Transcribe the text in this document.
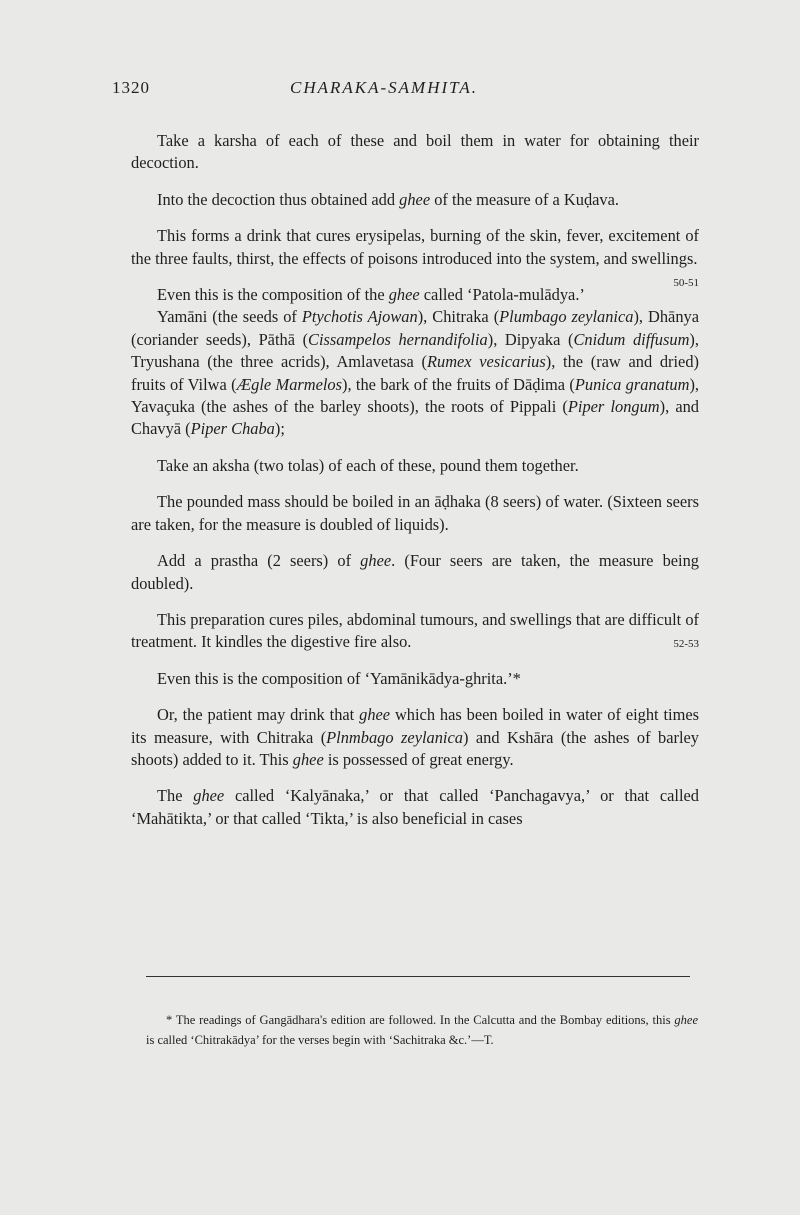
1320	CHARAKA-SAMHITA.

Take a karsha of each of these and boil them in water for obtaining their decoction.

Into the decoction thus obtained add ghee of the measure of a Kuḍava.

This forms a drink that cures erysipelas, burning of the skin, fever, excitement of the three faults, thirst, the effects of poisons introduced into the system, and swellings.
50-51

Even this is the composition of the ghee called ‘Patola-mulādya.’

Yamāni (the seeds of Ptychotis Ajowan), Chitraka (Plumbago zeylanica), Dhānya (coriander seeds), Pāthā (Cissampelos hernandifolia), Dipyaka (Cnidum diffusum), Tryushana (the three acrids), Amlavetasa (Rumex vesicarius), the (raw and dried) fruits of Vilwa (Ægle Marmelos), the bark of the fruits of Dāḍima (Punica granatum), Yavaçuka (the ashes of the barley shoots), the roots of Pippali (Piper longum), and Chavyā (Piper Chaba);

Take an aksha (two tolas) of each of these, pound them together.

The pounded mass should be boiled in an āḍhaka (8 seers) of water. (Sixteen seers are taken, for the measure is doubled of liquids).

Add a prastha (2 seers) of ghee. (Four seers are taken, the measure being doubled).

This preparation cures piles, abdominal tumours, and swellings that are difficult of treatment. It kindles the digestive fire also.	52-53

Even this is the composition of ‘Yamānikādya-ghrita.’*

Or, the patient may drink that ghee which has been boiled in water of eight times its measure, with Chitraka (Plnmbago zeylanica) and Kshāra (the ashes of barley shoots) added to it. This ghee is possessed of great energy.

The ghee called ‘Kalyānaka,’ or that called ‘Panchagavya,’ or that called ‘Mahātikta,’ or that called ‘Tikta,’ is also beneficial in cases

* The readings of Gangādhara's edition are followed. In the Calcutta and the Bombay editions, this ghee is called ‘Chitrakādya’ for the verses begin with ‘Sachitraka &c.’—T.
